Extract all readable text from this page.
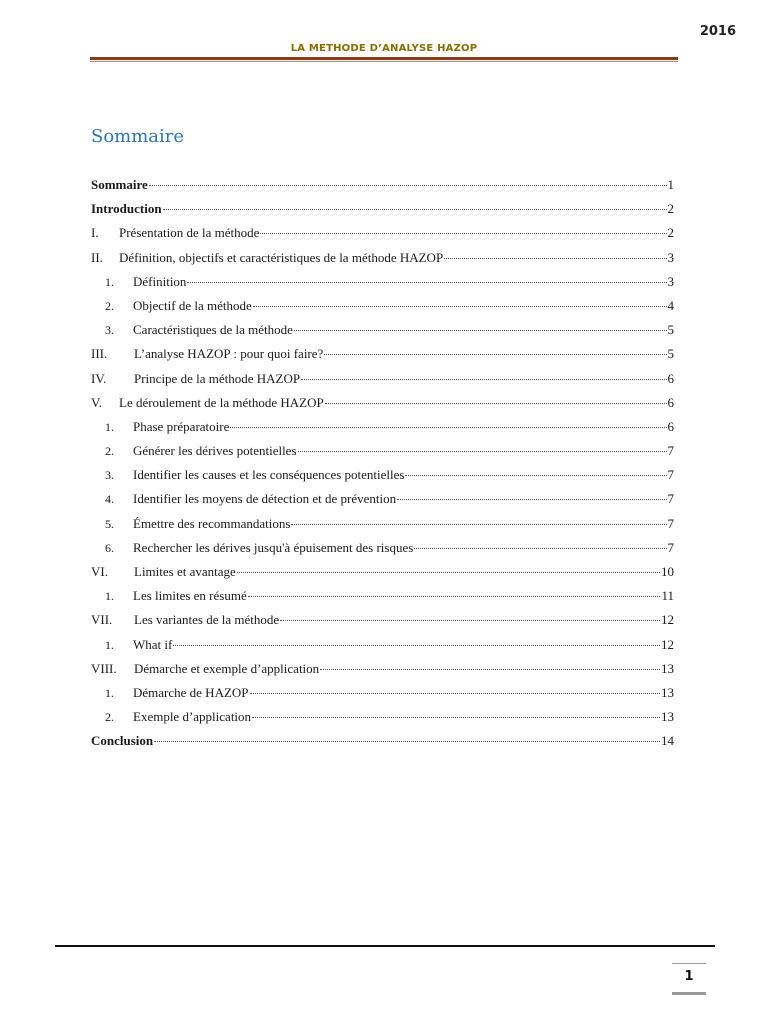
2016
LA METHODE D’ANALYSE HAZOP
Sommaire
Sommaire	1
Introduction	2
I.	Présentation de la méthode	2
II.	Définition, objectifs et caractéristiques de la méthode HAZOP	3
1.	Définition	3
2.	Objectif de la méthode	4
3.	Caractéristiques de la méthode	5
III.	L’analyse HAZOP : pour quoi faire?	5
IV.	Principe de la méthode HAZOP	6
V.	Le déroulement de la méthode HAZOP	6
1.	Phase préparatoire	6
2.	Générer les dérives potentielles	7
3.	Identifier les causes et les conséquences potentielles	7
4.	Identifier les moyens de détection et de prévention	7
5.	Émettre des recommandations	7
6.	Rechercher les dérives jusqu'à épuisement des risques	7
VI.	Limites et avantage	10
1.	Les limites en résumé	11
VII.	Les variantes de la méthode	12
1.	What if	12
VIII.	Démarche et exemple d’application	13
1.	Démarche de HAZOP	13
2.	Exemple d’application	13
Conclusion	14
1
